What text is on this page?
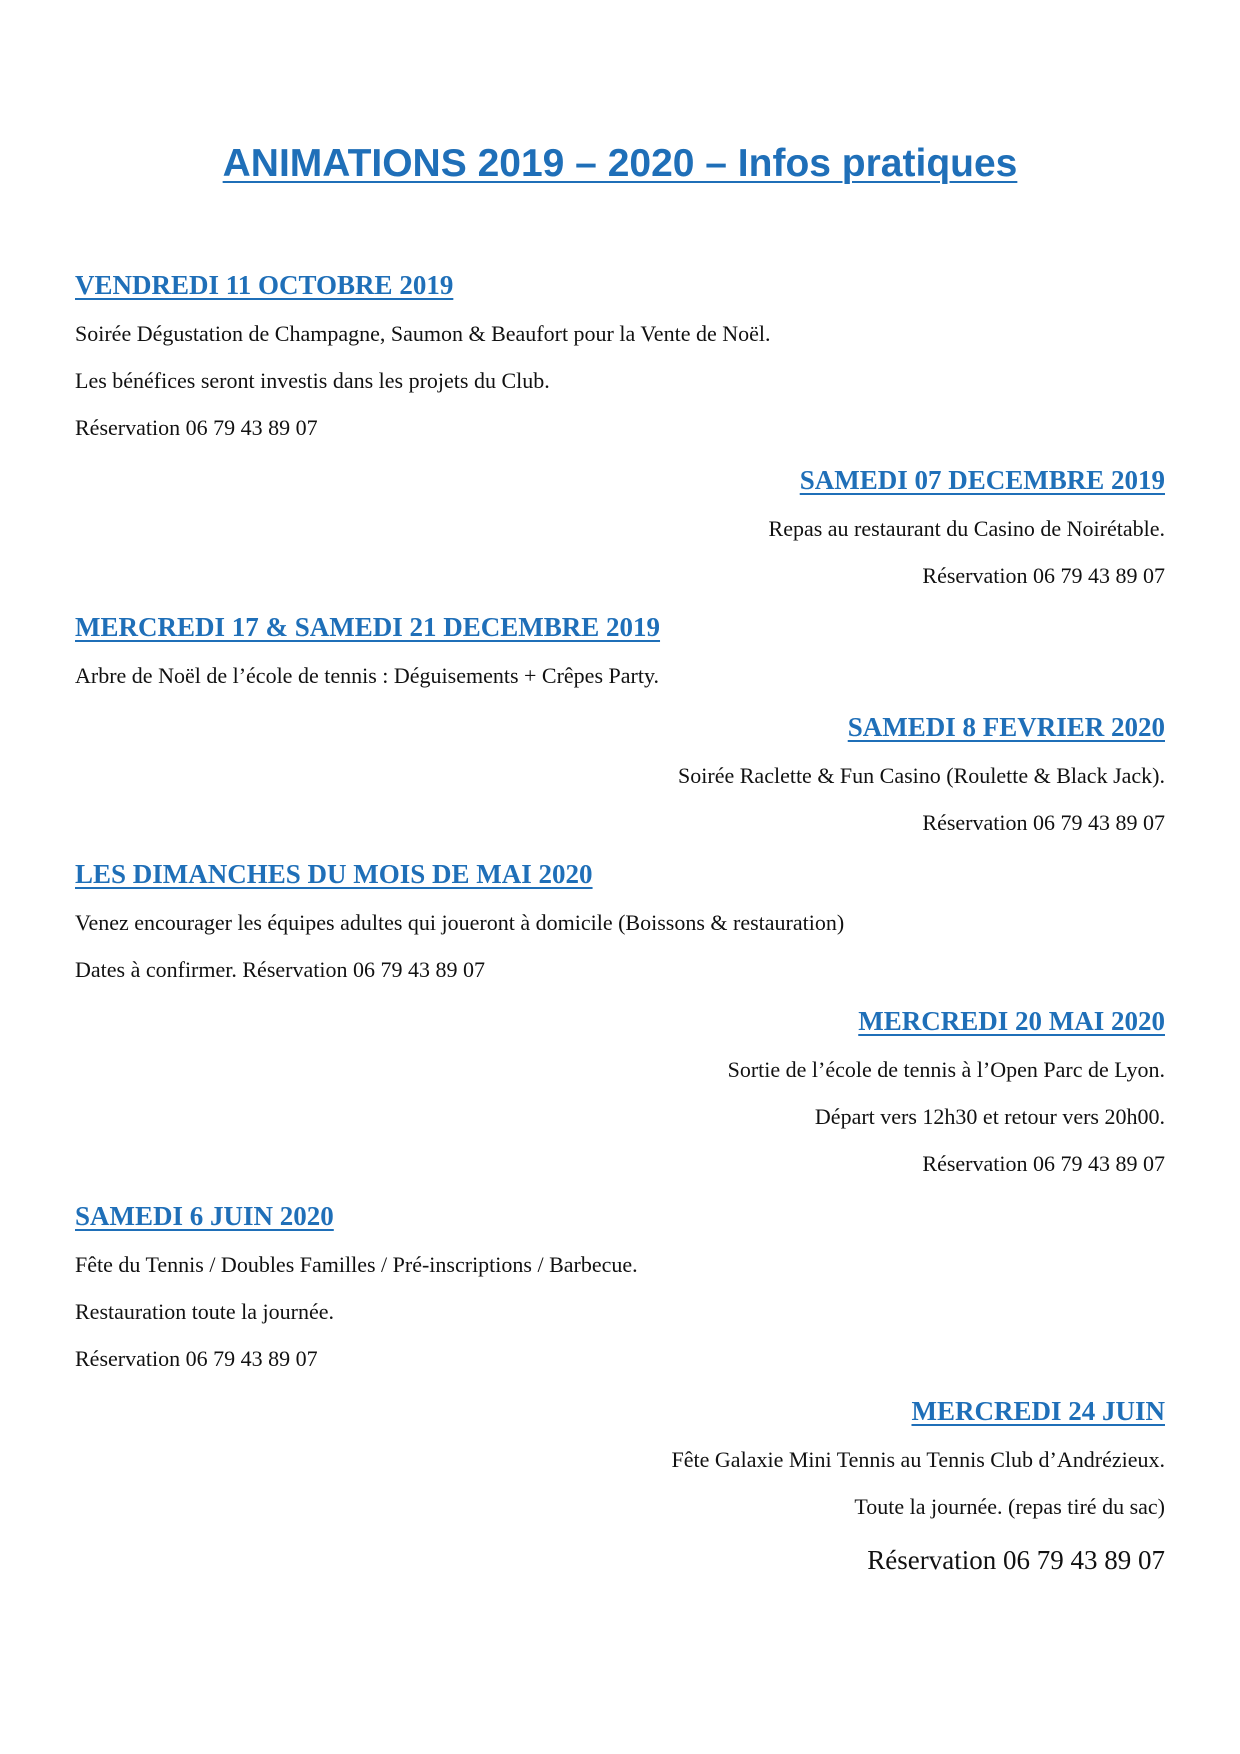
ANIMATIONS 2019 – 2020 – Infos pratiques
VENDREDI 11 OCTOBRE 2019

Soirée Dégustation de Champagne, Saumon & Beaufort pour la Vente de Noël.

Les bénéfices seront investis dans les projets du Club.

Réservation 06 79 43 89 07

SAMEDI 07 DECEMBRE 2019

Repas au restaurant du Casino de Noirétable.

Réservation 06 79 43 89 07

MERCREDI 17 & SAMEDI 21 DECEMBRE 2019

Arbre de Noël de l’école de tennis : Déguisements + Crêpes Party.

SAMEDI 8 FEVRIER 2020

Soirée Raclette & Fun Casino (Roulette & Black Jack).

Réservation 06 79 43 89 07

LES DIMANCHES DU MOIS DE MAI 2020

Venez encourager les équipes adultes qui joueront à domicile (Boissons & restauration)

Dates à confirmer. Réservation 06 79 43 89 07

MERCREDI 20 MAI 2020

Sortie de l’école de tennis à l’Open Parc de Lyon.

Départ vers 12h30 et retour vers 20h00.

Réservation 06 79 43 89 07

SAMEDI 6 JUIN 2020

Fête du Tennis / Doubles Familles / Pré-inscriptions / Barbecue.

Restauration toute la journée.

Réservation 06 79 43 89 07

MERCREDI 24 JUIN

Fête Galaxie Mini Tennis au Tennis Club d’Andrézieux.

Toute la journée. (repas tiré du sac)

Réservation 06 79 43 89 07
